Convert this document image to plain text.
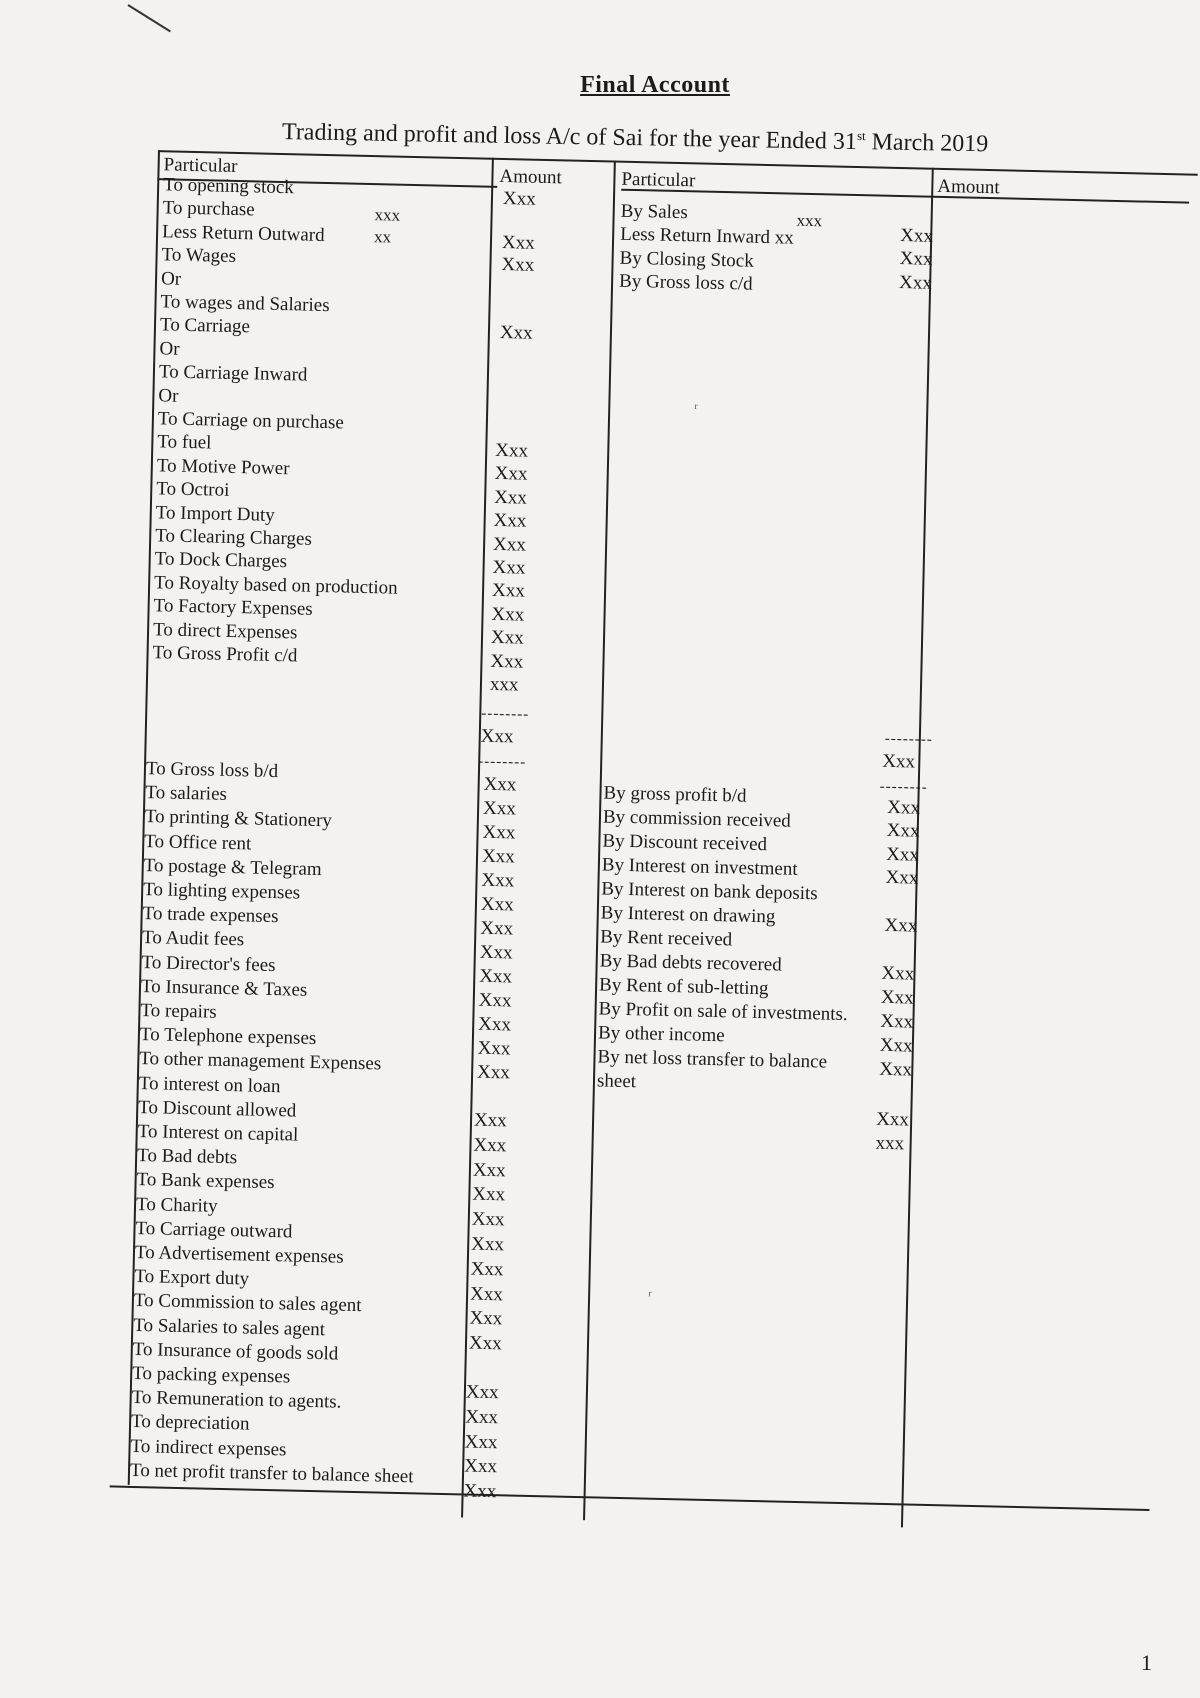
Final Account
Trading and profit and loss A/c of Sai for the year Ended 31st March 2019
Particular
Amount	Particular	Amount
To opening stock
To purchase
Less Return Outward
To Wages
Or
To wages and Salaries
To Carriage
Or
To Carriage Inward
Or
To Carriage on purchase
To fuel
To Motive Power
To Octroi
To Import Duty
To Clearing Charges
To Dock Charges
To Royalty based on production
To Factory Expenses
To direct Expenses
To Gross Profit c/d
xxx
xx
Xxx
Xxx
Xxx
Xxx
Xxx
Xxx
Xxx
Xxx
Xxx
Xxx
Xxx
Xxx
Xxx
Xxx
xxx
By Sales
Less Return Inward xx
By Closing Stock
By Gross loss c/d
xxx
Xxx
Xxx
Xxx
--------
Xxx
--------
--------
Xxx
--------
To Gross loss b/d
To salaries
To printing & Stationery
To Office rent
To postage & Telegram
To lighting expenses
To trade expenses
To Audit fees
To Director's fees
To Insurance & Taxes
To repairs
To Telephone expenses
To other management Expenses
To interest on loan
To Discount allowed
To Interest on capital
To Bad debts
To Bank expenses
To Charity
To Carriage outward
To Advertisement expenses
To Export duty
To Commission to sales agent
To Salaries to sales agent
To Insurance of goods sold
To packing expenses
To Remuneration to agents.
To depreciation
To indirect expenses
To net profit transfer to balance sheet
Xxx
Xxx
Xxx
Xxx
Xxx
Xxx
Xxx
Xxx
Xxx
Xxx
Xxx
Xxx
Xxx
Xxx
Xxx
Xxx
Xxx
Xxx
Xxx
Xxx
Xxx
Xxx
Xxx
Xxx
Xxx
Xxx
Xxx
Xxx
By gross profit b/d
By commission received
By Discount received
By Interest on investment
By Interest on bank deposits
By Interest on drawing
By Rent received
By Bad debts recovered
By Rent of sub-letting
By Profit on sale of investments.
By other income
By net loss transfer to balance
sheet
Xxx
Xxx
Xxx
Xxx
Xxx
Xxx
Xxx
Xxx
Xxx
Xxx
Xxx
xxx
ʳ
ʳ
1
